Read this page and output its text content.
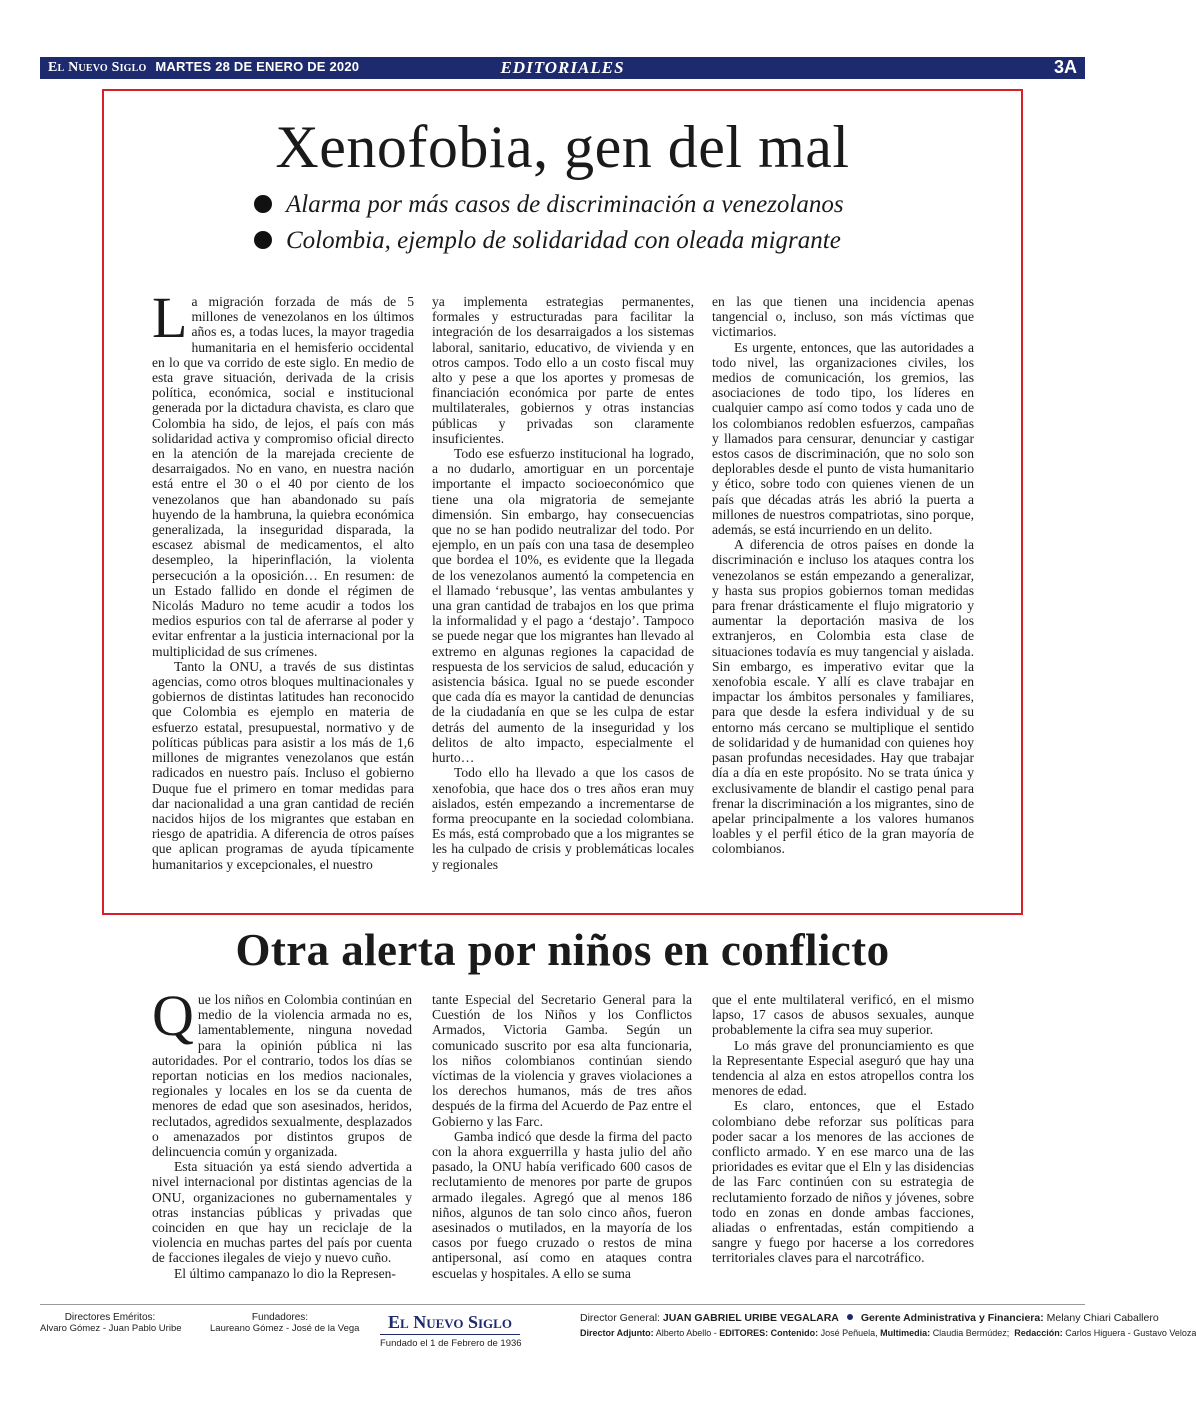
El Nuevo Siglo MARTES 28 DE ENERO DE 2020	EDITORIALES	3A
Xenofobia, gen del mal
Alarma por más casos de discriminación a venezolanos
Colombia, ejemplo de solidaridad con oleada migrante

La migración forzada de más de 5 millones de venezolanos en los últimos años es, a todas luces, la mayor tragedia humanitaria en el hemisferio occidental en lo que va corrido de este siglo. En medio de esta grave situación, derivada de la crisis política, económica, social e institucional generada por la dictadura chavista, es claro que Colombia ha sido, de lejos, el país con más solidaridad activa y compromiso oficial directo en la atención de la marejada creciente de desarraigados. No en vano, en nuestra nación está entre el 30 o el 40 por ciento de los venezolanos que han abandonado su país huyendo de la hambruna, la quiebra económica generalizada, la inseguridad disparada, la escasez abismal de medicamentos, el alto desempleo, la hiperinflación, la violenta persecución a la oposición… En resumen: de un Estado fallido en donde el régimen de Nicolás Maduro no teme acudir a todos los medios espurios con tal de aferrarse al poder y evitar enfrentar a la justicia internacional por la multiplicidad de sus crímenes.

Tanto la ONU, a través de sus distintas agencias, como otros bloques multinacionales y gobiernos de distintas latitudes han reconocido que Colombia es ejemplo en materia de esfuerzo estatal, presupuestal, normativo y de políticas públicas para asistir a los más de 1,6 millones de migrantes venezolanos que están radicados en nuestro país. Incluso el gobierno Duque fue el primero en tomar medidas para dar nacionalidad a una gran cantidad de recién nacidos hijos de los migrantes que estaban en riesgo de apatridia. A diferencia de otros países que aplican programas de ayuda típicamente humanitarios y excepcionales, el nuestro

ya implementa estrategias permanentes, formales y estructuradas para facilitar la integración de los desarraigados a los sistemas laboral, sanitario, educativo, de vivienda y en otros campos. Todo ello a un costo fiscal muy alto y pese a que los aportes y promesas de financiación económica por parte de entes multilaterales, gobiernos y otras instancias públicas y privadas son claramente insuficientes.

Todo ese esfuerzo institucional ha logrado, a no dudarlo, amortiguar en un porcentaje importante el impacto socioeconómico que tiene una ola migratoria de semejante dimensión. Sin embargo, hay consecuencias que no se han podido neutralizar del todo. Por ejemplo, en un país con una tasa de desempleo que bordea el 10%, es evidente que la llegada de los venezolanos aumentó la competencia en el llamado ‘rebusque’, las ventas ambulantes y una gran cantidad de trabajos en los que prima la informalidad y el pago a ‘destajo’. Tampoco se puede negar que los migrantes han llevado al extremo en algunas regiones la capacidad de respuesta de los servicios de salud, educación y asistencia básica. Igual no se puede esconder que cada día es mayor la cantidad de denuncias de la ciudadanía en que se les culpa de estar detrás del aumento de la inseguridad y los delitos de alto impacto, especialmente el hurto…

Todo ello ha llevado a que los casos de xenofobia, que hace dos o tres años eran muy aislados, estén empezando a incrementarse de forma preocupante en la sociedad colombiana. Es más, está comprobado que a los migrantes se les ha culpado de crisis y problemáticas locales y regionales

en las que tienen una incidencia apenas tangencial o, incluso, son más víctimas que victimarios.

Es urgente, entonces, que las autoridades a todo nivel, las organizaciones civiles, los medios de comunicación, los gremios, las asociaciones de todo tipo, los líderes en cualquier campo así como todos y cada uno de los colombianos redoblen esfuerzos, campañas y llamados para censurar, denunciar y castigar estos casos de discriminación, que no solo son deplorables desde el punto de vista humanitario y ético, sobre todo con quienes vienen de un país que décadas atrás les abrió la puerta a millones de nuestros compatriotas, sino porque, además, se está incurriendo en un delito.

A diferencia de otros países en donde la discriminación e incluso los ataques contra los venezolanos se están empezando a generalizar, y hasta sus propios gobiernos toman medidas para frenar drásticamente el flujo migratorio y aumentar la deportación masiva de los extranjeros, en Colombia esta clase de situaciones todavía es muy tangencial y aislada. Sin embargo, es imperativo evitar que la xenofobia escale. Y allí es clave trabajar en impactar los ámbitos personales y familiares, para que desde la esfera individual y de su entorno más cercano se multiplique el sentido de solidaridad y de humanidad con quienes hoy pasan profundas necesidades. Hay que trabajar día a día en este propósito. No se trata única y exclusivamente de blandir el castigo penal para frenar la discriminación a los migrantes, sino de apelar principalmente a los valores humanos loables y el perfil ético de la gran mayoría de colombianos.

Otra alerta por niños en conflicto

Que los niños en Colombia continúan en medio de la violencia armada no es, lamentablemente, ninguna novedad para la opinión pública ni las autoridades. Por el contrario, todos los días se reportan noticias en los medios nacionales, regionales y locales en los se da cuenta de menores de edad que son asesinados, heridos, reclutados, agredidos sexualmente, desplazados o amenazados por distintos grupos de delincuencia común y organizada.

Esta situación ya está siendo advertida a nivel internacional por distintas agencias de la ONU, organizaciones no gubernamentales y otras instancias públicas y privadas que coinciden en que hay un reciclaje de la violencia en muchas partes del país por cuenta de facciones ilegales de viejo y nuevo cuño.

El último campanazo lo dio la Represen-

tante Especial del Secretario General para la Cuestión de los Niños y los Conflictos Armados, Victoria Gamba. Según un comunicado suscrito por esa alta funcionaria, los niños colombianos continúan siendo víctimas de la violencia y graves violaciones a los derechos humanos, más de tres años después de la firma del Acuerdo de Paz entre el Gobierno y las Farc.

Gamba indicó que desde la firma del pacto con la ahora exguerrilla y hasta julio del año pasado, la ONU había verificado 600 casos de reclutamiento de menores por parte de grupos armado ilegales. Agregó que al menos 186 niños, algunos de tan solo cinco años, fueron asesinados o mutilados, en la mayoría de los casos por fuego cruzado o restos de mina antipersonal, así como en ataques contra escuelas y hospitales. A ello se suma

que el ente multilateral verificó, en el mismo lapso, 17 casos de abusos sexuales, aunque probablemente la cifra sea muy superior.

Lo más grave del pronunciamiento es que la Representante Especial aseguró que hay una tendencia al alza en estos atropellos contra los menores de edad.

Es claro, entonces, que el Estado colombiano debe reforzar sus políticas para poder sacar a los menores de las acciones de conflicto armado. Y en ese marco una de las prioridades es evitar que el Eln y las disidencias de las Farc continúen con su estrategia de reclutamiento forzado de niños y jóvenes, sobre todo en zonas en donde ambas facciones, aliadas o enfrentadas, están compitiendo a sangre y fuego por hacerse a los corredores territoriales claves para el narcotráfico.

Directores Eméritos:
Alvaro Gómez - Juan Pablo Uribe
Fundadores:
Laureano Gómez - José de la Vega	El Nuevo Siglo
Fundado el 1 de Febrero de 1936
Director General: JUAN GABRIEL URIBE VEGALARA Gerente Administrativa y Financiera: Melany Chiari Caballero
Director Adjunto: Alberto Abello - EDITORES: Contenido: José Peñuela, Multimedia: Claudia Bermúdez; Redacción: Carlos Higuera - Gustavo Veloza
